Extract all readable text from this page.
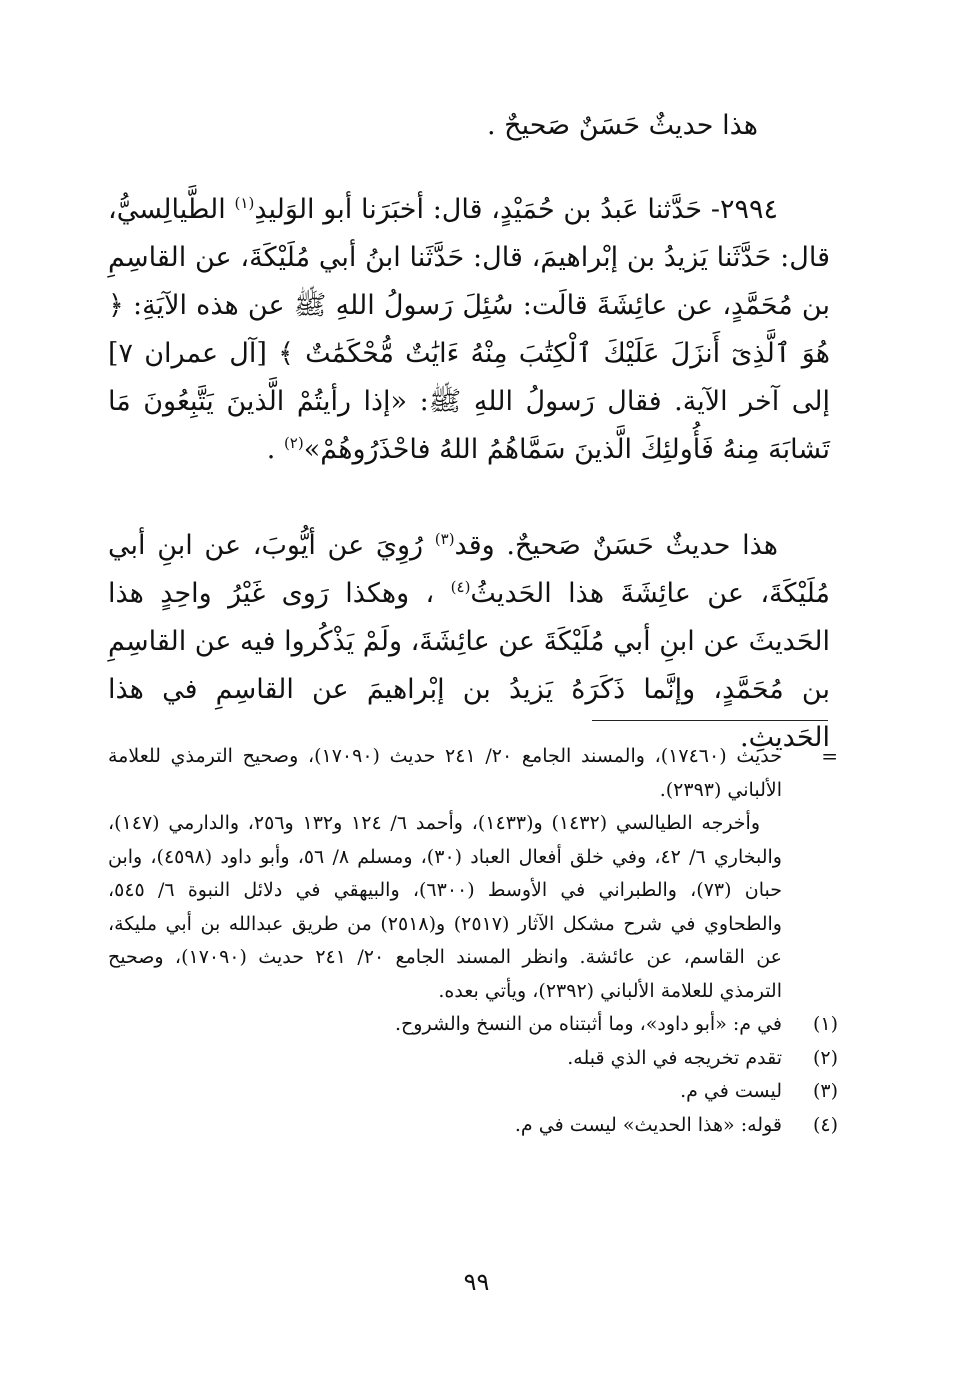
هذا حديثٌ حَسَنٌ صَحيحٌ .

٢٩٩٤- حَدَّثنا عَبدُ بن حُمَيْدٍ، قال: أخبَرَنا أبو الوَليدِ$^{(١)}$ الطَّيالِسيُّ، قال: حَدَّثَنا يَزيدُ بن إبْراهيمَ، قال: حَدَّثَنا ابنُ أبي مُلَيْكَةَ، عن القاسِمِ بن مُحَمَّدٍ، عن عائِشَةَ قالَت: سُئِلَ رَسولُ اللهِ ﷺ عن هذه الآيَةِ: ﴿ هُوَ ٱلَّذِىٓ أَنزَلَ عَلَيْكَ ٱلْكِتَٰبَ مِنْهُ ءَايَٰتٌ مُّحْكَمَٰتٌ ﴾ [آل عمران ٧] إلى آخر الآية. فقال رَسولُ اللهِ ﷺ: «إذا رأيتُمْ الَّذينَ يَتَّبِعُونَ مَا تَشابَهَ مِنهُ فَأُولئِكَ الَّذينَ سَمَّاهُمُ اللهُ فاحْذَرُوهُمْ»$^{(٢)}$ .

هذا حديثٌ حَسَنٌ صَحيحٌ. وقد$^{(٣)}$ رُوِيَ عن أيُّوبَ، عن ابنِ أبي مُلَيْكَةَ، عن عائِشَةَ هذا الحَديثُ$^{(٤)}$ ، وهكذا رَوى غَيْرُ واحِدٍ هذا الحَديثَ عن ابنِ أبي مُلَيْكَةَ عن عائِشَةَ، ولَمْ يَذْكُروا فيه عن القاسِمِ بن مُحَمَّدٍ، وإنَّما ذَكَرَهُ يَزيدُ بن إبْراهيمَ عن القاسِمِ في هذا الحَديثِ.

=

حديث (١٧٤٦٠)، والمسند الجامع ٢٠/ ٢٤١ حديث (١٧٠٩٠)، وصحيح الترمذي للعلامة الألباني (٢٣٩٣).

وأخرجه الطيالسي (١٤٣٢) و(١٤٣٣)، وأحمد ٦/ ١٢٤ و١٣٢ و٢٥٦، والدارمي (١٤٧)، والبخاري ٦/ ٤٢، وفي خلق أفعال العباد (٣٠)، ومسلم ٨/ ٥٦، وأبو داود (٤٥٩٨)، وابن حبان (٧٣)، والطبراني في الأوسط (٦٣٠٠)، والبيهقي في دلائل النبوة ٦/ ٥٤٥، والطحاوي في شرح مشكل الآثار (٢٥١٧) و(٢٥١٨) من طريق عبدالله بن أبي مليكة، عن القاسم، عن عائشة. وانظر المسند الجامع ٢٠/ ٢٤١ حديث (١٧٠٩٠)، وصحيح الترمذي للعلامة الألباني (٢٣٩٢)، ويأتي بعده.

(١)
في م: «أبو داود»، وما أثبتناه من النسخ والشروح.

(٢)
تقدم تخريجه في الذي قبله.

(٣)
ليست في م.

(٤)
قوله: «هذا الحديث» ليست في م.

٩٩
